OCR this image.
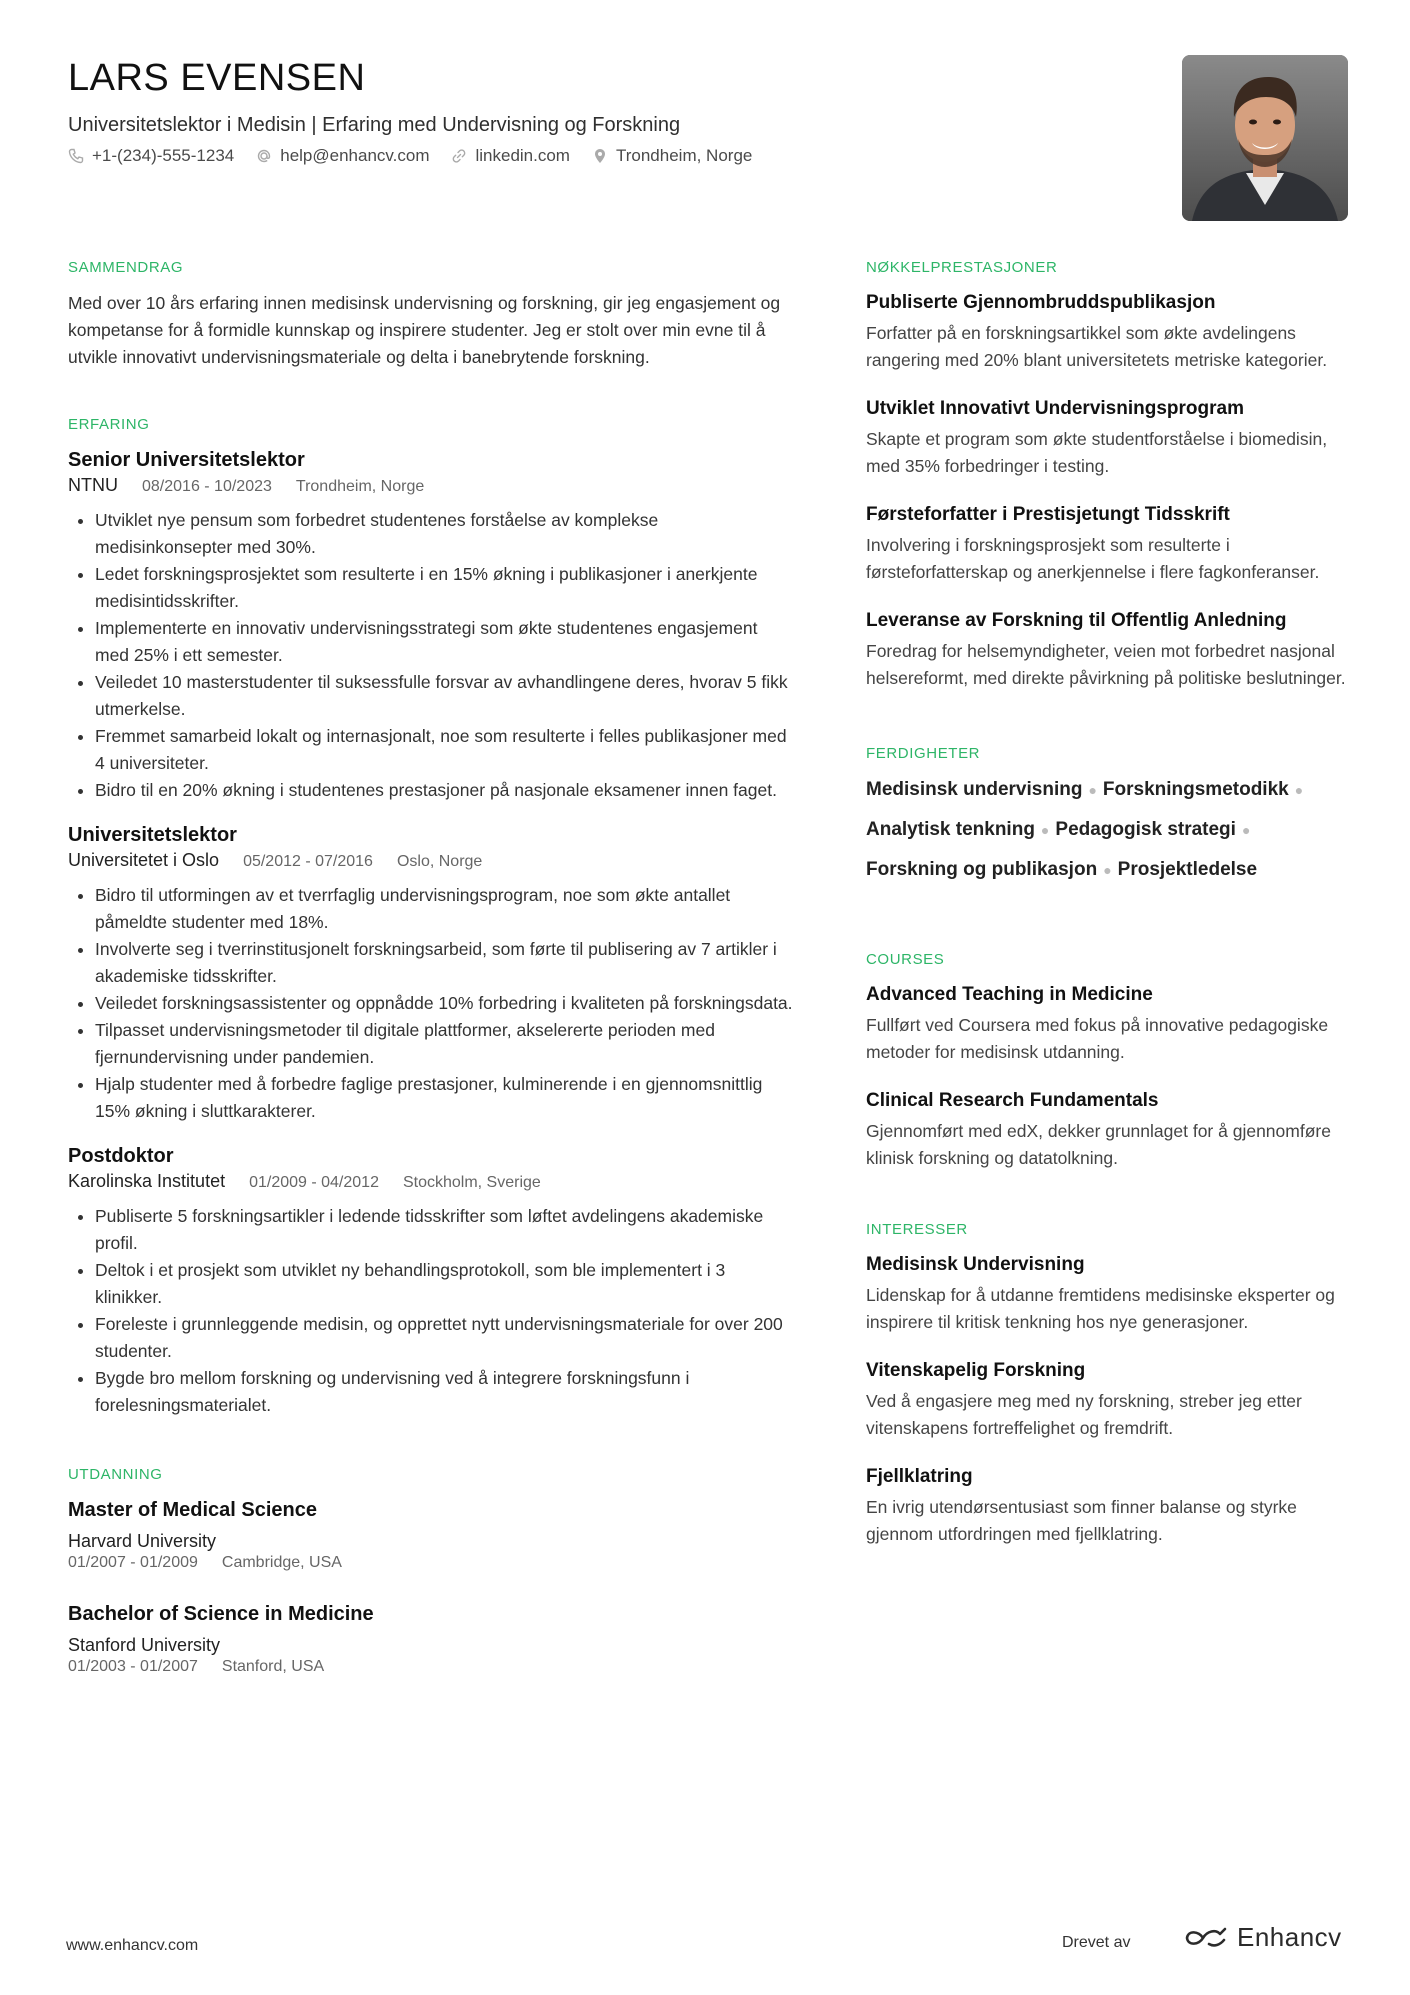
LARS EVENSEN
Universitetslektor i Medisin | Erfaring med Undervisning og Forskning
+1-(234)-555-1234	help@enhancv.com	linkedin.com	Trondheim, Norge
SAMMENDRAG

Med over 10 års erfaring innen medisinsk undervisning og forskning, gir jeg engasjement og kompetanse for å formidle kunnskap og inspirere studenter. Jeg er stolt over min evne til å utvikle innovativt undervisningsmateriale og delta i banebrytende forskning.

ERFARING
Senior Universitetslektor
NTNU 08/2016 - 10/2023 Trondheim, Norge
• Utviklet nye pensum som forbedret studentenes forståelse av komplekse medisinkonsepter med 30%.
• Ledet forskningsprosjektet som resulterte i en 15% økning i publikasjoner i anerkjente medisintidsskrifter.
• Implementerte en innovativ undervisningsstrategi som økte studentenes engasjement med 25% i ett semester.
• Veiledet 10 masterstudenter til suksessfulle forsvar av avhandlingene deres, hvorav 5 fikk utmerkelse.
• Fremmet samarbeid lokalt og internasjonalt, noe som resulterte i felles publikasjoner med 4 universiteter.
• Bidro til en 20% økning i studentenes prestasjoner på nasjonale eksamener innen faget.
Universitetslektor
Universitetet i Oslo 05/2012 - 07/2016 Oslo, Norge
• Bidro til utformingen av et tverrfaglig undervisningsprogram, noe som økte antallet påmeldte studenter med 18%.
• Involverte seg i tverrinstitusjonelt forskningsarbeid, som førte til publisering av 7 artikler i akademiske tidsskrifter.
• Veiledet forskningsassistenter og oppnådde 10% forbedring i kvaliteten på forskningsdata.
• Tilpasset undervisningsmetoder til digitale plattformer, akselererte perioden med fjernundervisning under pandemien.
• Hjalp studenter med å forbedre faglige prestasjoner, kulminerende i en gjennomsnittlig 15% økning i sluttkarakterer.
Postdoktor
Karolinska Institutet 01/2009 - 04/2012 Stockholm, Sverige
• Publiserte 5 forskningsartikler i ledende tidsskrifter som løftet avdelingens akademiske profil.
• Deltok i et prosjekt som utviklet ny behandlingsprotokoll, som ble implementert i 3 klinikker.
• Foreleste i grunnleggende medisin, og opprettet nytt undervisningsmateriale for over 200 studenter.
• Bygde bro mellom forskning og undervisning ved å integrere forskningsfunn i forelesningsmaterialet.
UTDANNING
Master of Medical Science
Harvard University
01/2007 - 01/2009 Cambridge, USA
Bachelor of Science in Medicine
Stanford University
01/2003 - 01/2007 Stanford, USA
NØKKELPRESTASJONER
Publiserte Gjennombruddspublikasjon

Forfatter på en forskningsartikkel som økte avdelingens rangering med 20% blant universitetets metriske kategorier.

Utviklet Innovativt Undervisningsprogram

Skapte et program som økte studentforståelse i biomedisin, med 35% forbedringer i testing.

Førsteforfatter i Prestisjetungt Tidsskrift

Involvering i forskningsprosjekt som resulterte i førsteforfatterskap og anerkjennelse i flere fagkonferanser.

Leveranse av Forskning til Offentlig Anledning

Foredrag for helsemyndigheter, veien mot forbedret nasjonal helsereformt, med direkte påvirkning på politiske beslutninger.

FERDIGHETER
Medisinsk undervisning ● Forskningsmetodikk ●
Analytisk tenkning ● Pedagogisk strategi ●
Forskning og publikasjon ● Prosjektledelse
COURSES
Advanced Teaching in Medicine

Fullført ved Coursera med fokus på innovative pedagogiske metoder for medisinsk utdanning.

Clinical Research Fundamentals

Gjennomført med edX, dekker grunnlaget for å gjennomføre klinisk forskning og datatolkning.

INTERESSER
Medisinsk Undervisning

Lidenskap for å utdanne fremtidens medisinske eksperter og inspirere til kritisk tenkning hos nye generasjoner.

Vitenskapelig Forskning

Ved å engasjere meg med ny forskning, streber jeg etter vitenskapens fortreffelighet og fremdrift.

Fjellklatring

En ivrig utendørsentusiast som finner balanse og styrke gjennom utfordringen med fjellklatring.

www.enhancv.com	Drevet av	Enhancv
